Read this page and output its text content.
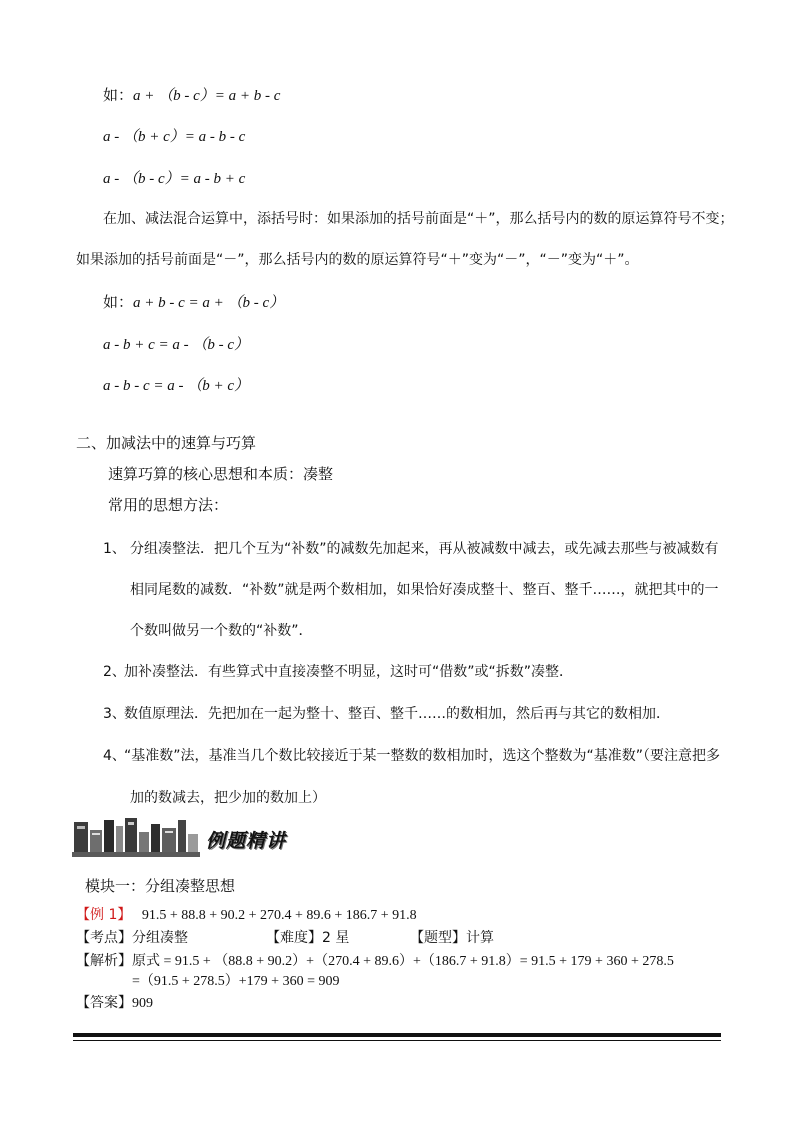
如：a + （b - c）= a + b - c
a - （b + c）= a - b - c
a - （b - c）= a - b + c
在加、减法混合运算中，添括号时：如果添加的括号前面是“＋”，那么括号内的数的原运算符号不变；
如果添加的括号前面是“－”，那么括号内的数的原运算符号“＋”变为“－”，“－”变为“＋”。
如：a + b - c = a + （b - c）
a - b + c = a - （b - c）
a - b - c = a - （b + c）
二、加减法中的速算与巧算
速算巧算的核心思想和本质：凑整
常用的思想方法：
1、 分组凑整法．把几个互为“补数”的减数先加起来，再从被减数中减去，或先减去那些与被减数有
相同尾数的减数．“补数”就是两个数相加，如果恰好凑成整十、整百、整千……，就把其中的一
个数叫做另一个数的“补数”．
2、
加补凑整法．有些算式中直接凑整不明显，这时可“借数”或“拆数”凑整．
3、
数值原理法．先把加在一起为整十、整百、整千……的数相加，然后再与其它的数相加．
4、
“基准数”法，基准当几个数比较接近于某一整数的数相加时，选这个整数为“基准数”（要注意把多
加的数减去，把少加的数加上）
例题精讲
模块一：分组凑整思想
【例 1】 91.5 + 88.8 + 90.2 + 270.4 + 89.6 + 186.7 + 91.8
【考点】分组凑整	【难度】2 星	【题型】计算
【解析】原式 = 91.5 + （88.8 + 90.2）+（270.4 + 89.6）+（186.7 + 91.8）= 91.5 + 179 + 360 + 278.5
=（91.5 + 278.5）+179 + 360 = 909
【答案】909
